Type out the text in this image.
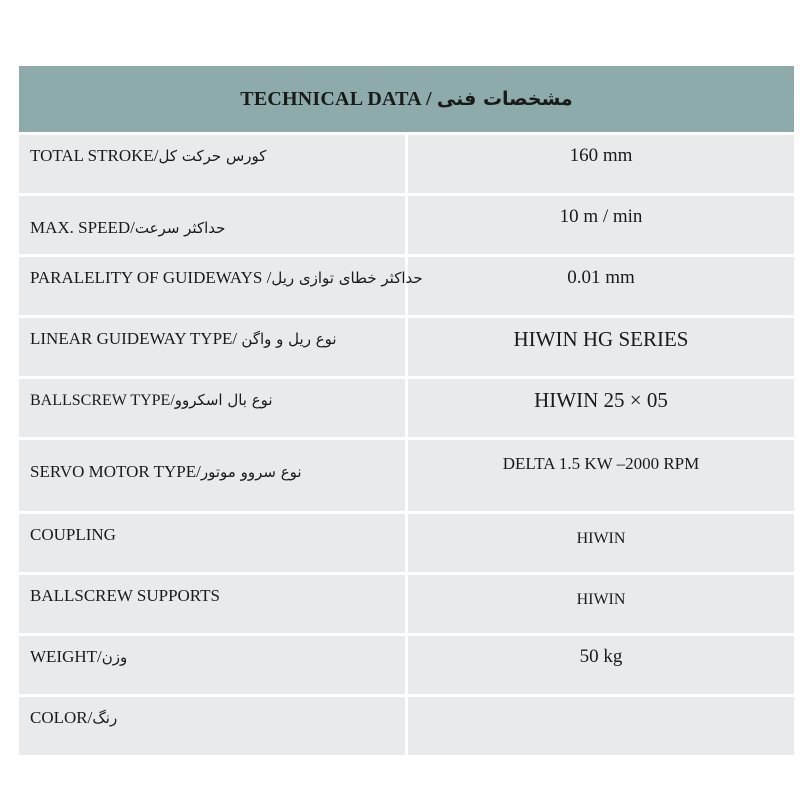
TECHNICAL DATA / مشخصات فنی	
TOTAL STROKE/کورس حرکت کل	160 mm
MAX. SPEED/حداکثر سرعت	10 m / min
PARALELITY OF GUIDEWAYS /حداکثر خطای توازی ریل	0.01 mm
LINEAR GUIDEWAY TYPE/ نوع ریل و واگن	HIWIN HG SERIES
BALLSCREW TYPE/نوع بال اسکروو	HIWIN 25 × 05
SERVO MOTOR TYPE/نوع سروو موتور	DELTA 1.5 KW –2000 RPM
COUPLING	HIWIN
BALLSCREW SUPPORTS	HIWIN
WEIGHT/وزن	50 kg
COLOR/رنگ	
